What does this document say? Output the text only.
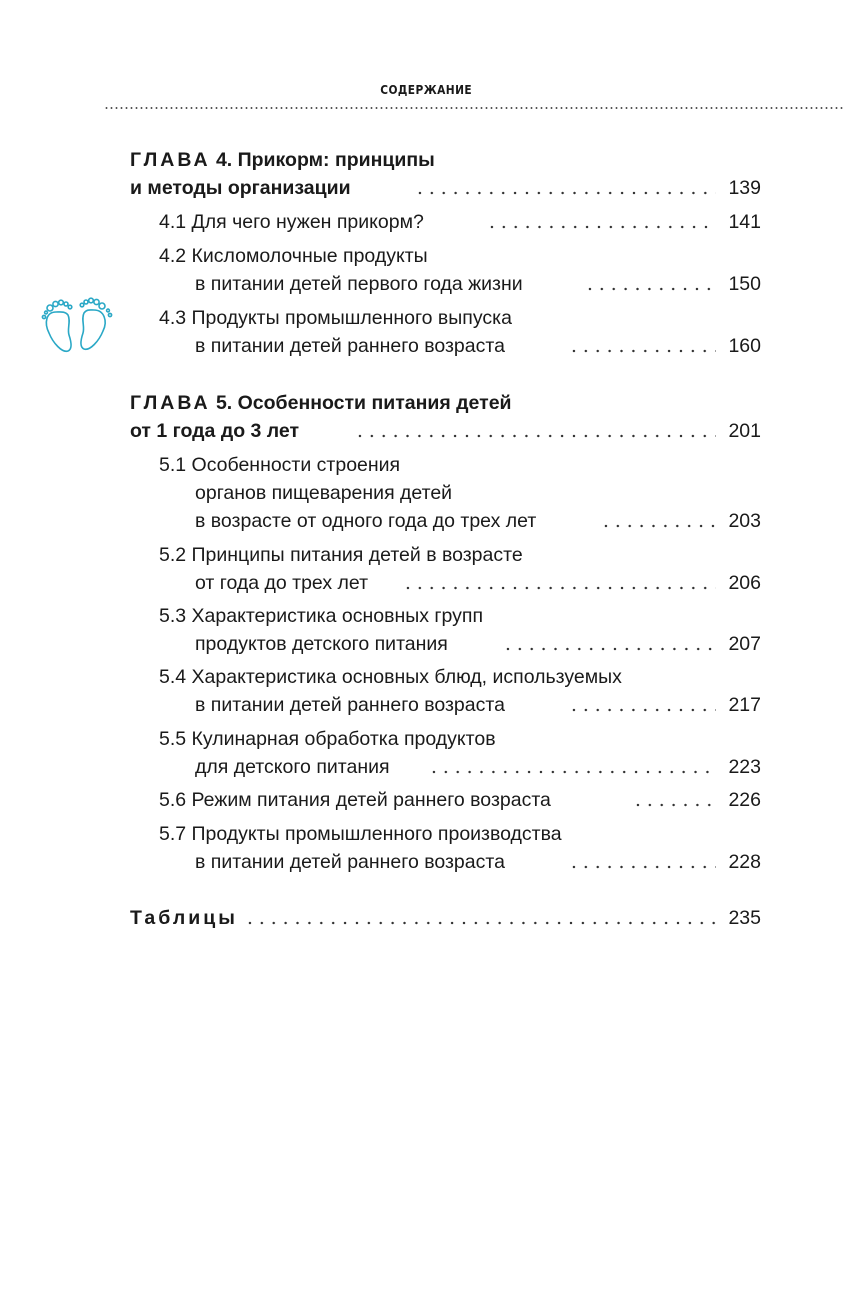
СОДЕРЖАНИЕ
ГЛАВА 4. Прикорм: принципы
и методы организации	139
4.1 Для чего нужен прикорм?	141
4.2 Кисломолочные продукты
в питании детей первого года жизни	150
4.3 Продукты промышленного выпуска
в питании детей раннего возраста	160
ГЛАВА 5. Особенности питания детей
от 1 года до 3 лет	201
5.1 Особенности строения
органов пищеварения детей
в возрасте от одного года до трех лет	203
5.2 Принципы питания детей в возрасте
от года до трех лет	206
5.3 Характеристика основных групп
продуктов детского питания	207
5.4 Характеристика основных блюд, используемых
в питании детей раннего возраста	217
5.5 Кулинарная обработка продуктов
для детского питания	223
5.6 Режим питания детей раннего возраста	226
5.7 Продукты промышленного производства
в питании детей раннего возраста	228
Таблицы	235
